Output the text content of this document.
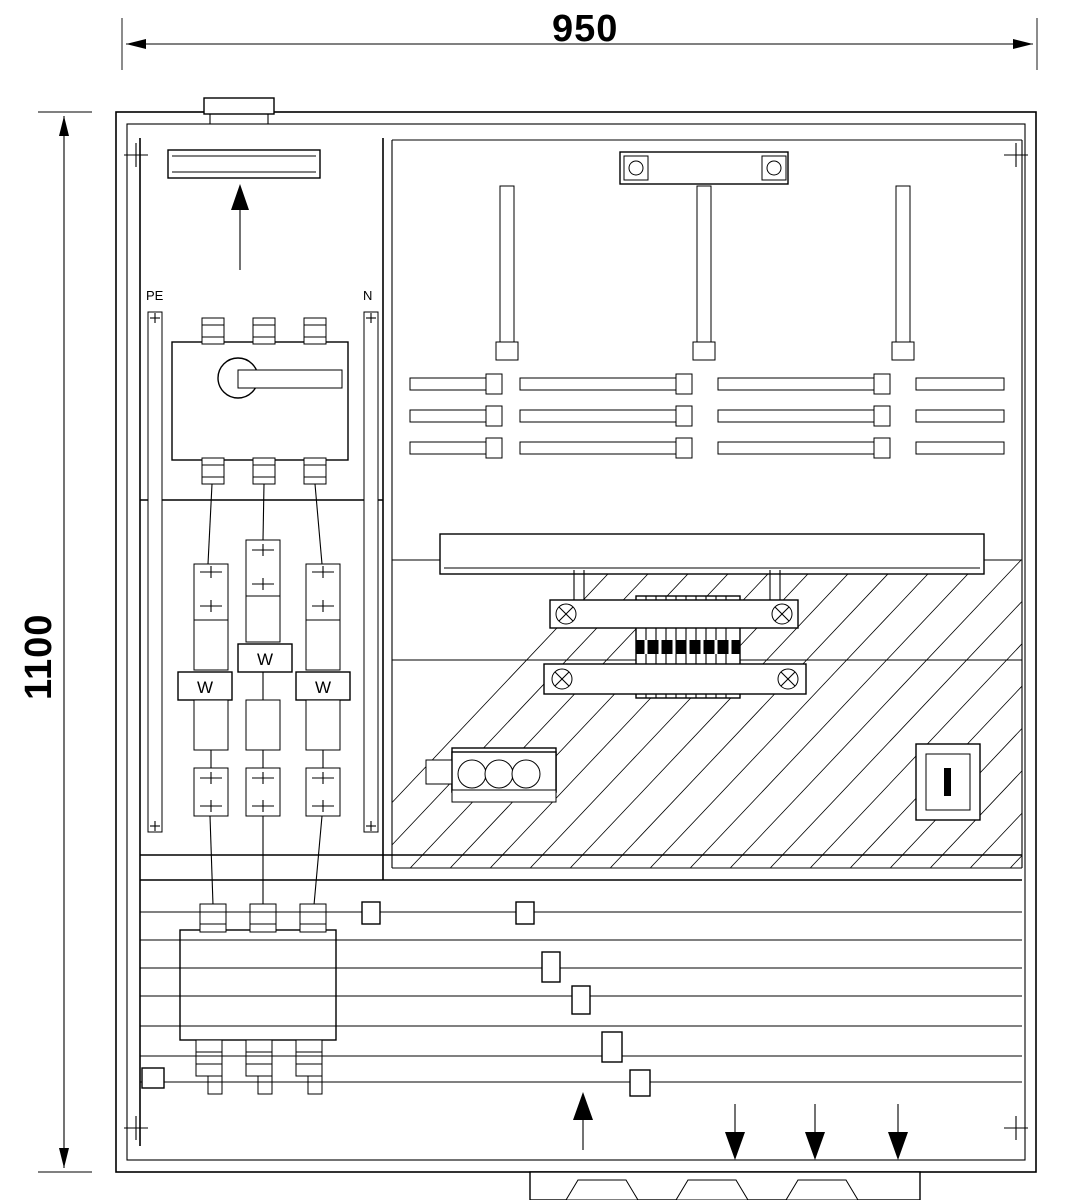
950
1100
PE	N
W
W
W
